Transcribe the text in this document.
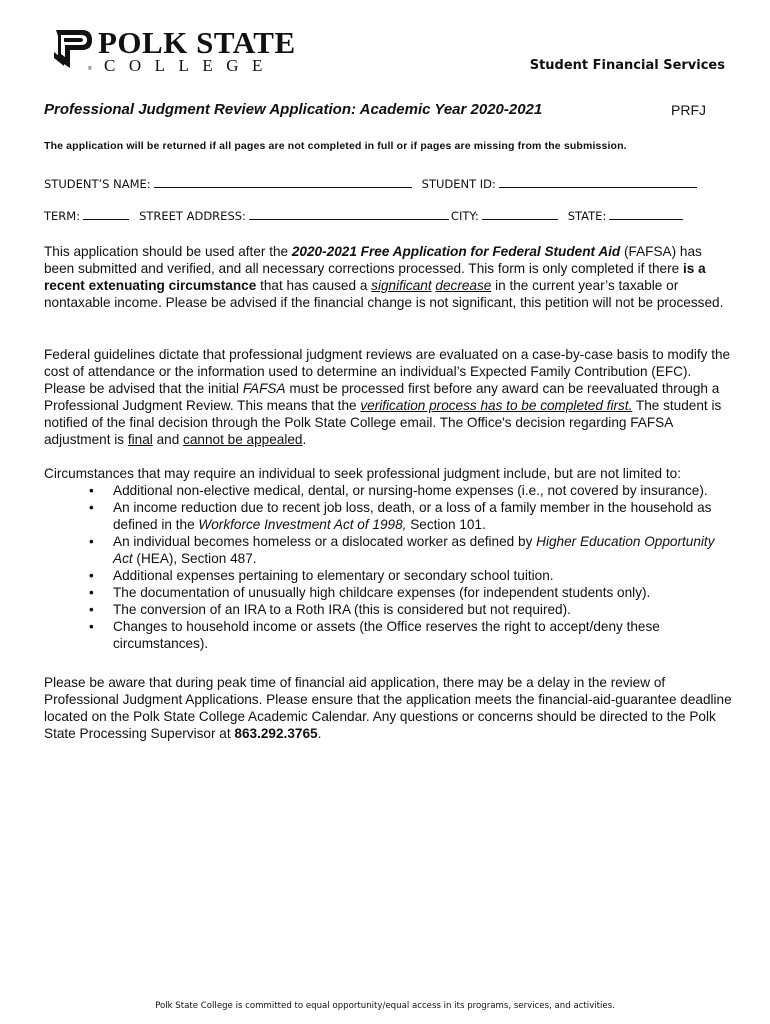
POLK STATE
® COLLEGE	Student Financial Services
Professional Judgment Review Application: Academic Year 2020-2021	PRFJ
The application will be returned if all pages are not completed in full or if pages are missing from the submission.
STUDENT’S NAME:	STUDENT ID:
TERM:	STREET ADDRESS:	CITY:	STATE:

This application should be used after the 2020-2021 Free Application for Federal Student Aid (FAFSA) has been submitted and verified, and all necessary corrections processed. This form is only completed if there is a recent extenuating circumstance that has caused a significant decrease in the current year’s taxable or nontaxable income. Please be advised if the financial change is not significant, this petition will not be processed.

Federal guidelines dictate that professional judgment reviews are evaluated on a case-by-case basis to modify the cost of attendance or the information used to determine an individual’s Expected Family Contribution (EFC). Please be advised that the initial FAFSA must be processed first before any award can be reevaluated through a Professional Judgment Review. This means that the verification process has to be completed first. The student is notified of the final decision through the Polk State College email. The Office's decision regarding FAFSA adjustment is final and cannot be appealed.

Circumstances that may require an individual to seek professional judgment include, but are not limited to:

• Additional non-elective medical, dental, or nursing-home expenses (i.e., not covered by insurance).
• An income reduction due to recent job loss, death, or a loss of a family member in the household as defined in the Workforce Investment Act of 1998, Section 101.
• An individual becomes homeless or a dislocated worker as defined by Higher Education Opportunity Act (HEA), Section 487.
• Additional expenses pertaining to elementary or secondary school tuition.
• The documentation of unusually high childcare expenses (for independent students only).
• The conversion of an IRA to a Roth IRA (this is considered but not required).
• Changes to household income or assets (the Office reserves the right to accept/deny these circumstances).

Please be aware that during peak time of financial aid application, there may be a delay in the review of Professional Judgment Applications. Please ensure that the application meets the financial-aid-guarantee deadline located on the Polk State College Academic Calendar. Any questions or concerns should be directed to the Polk State Processing Supervisor at 863.292.3765.

Polk State College is committed to equal opportunity/equal access in its programs, services, and activities.
